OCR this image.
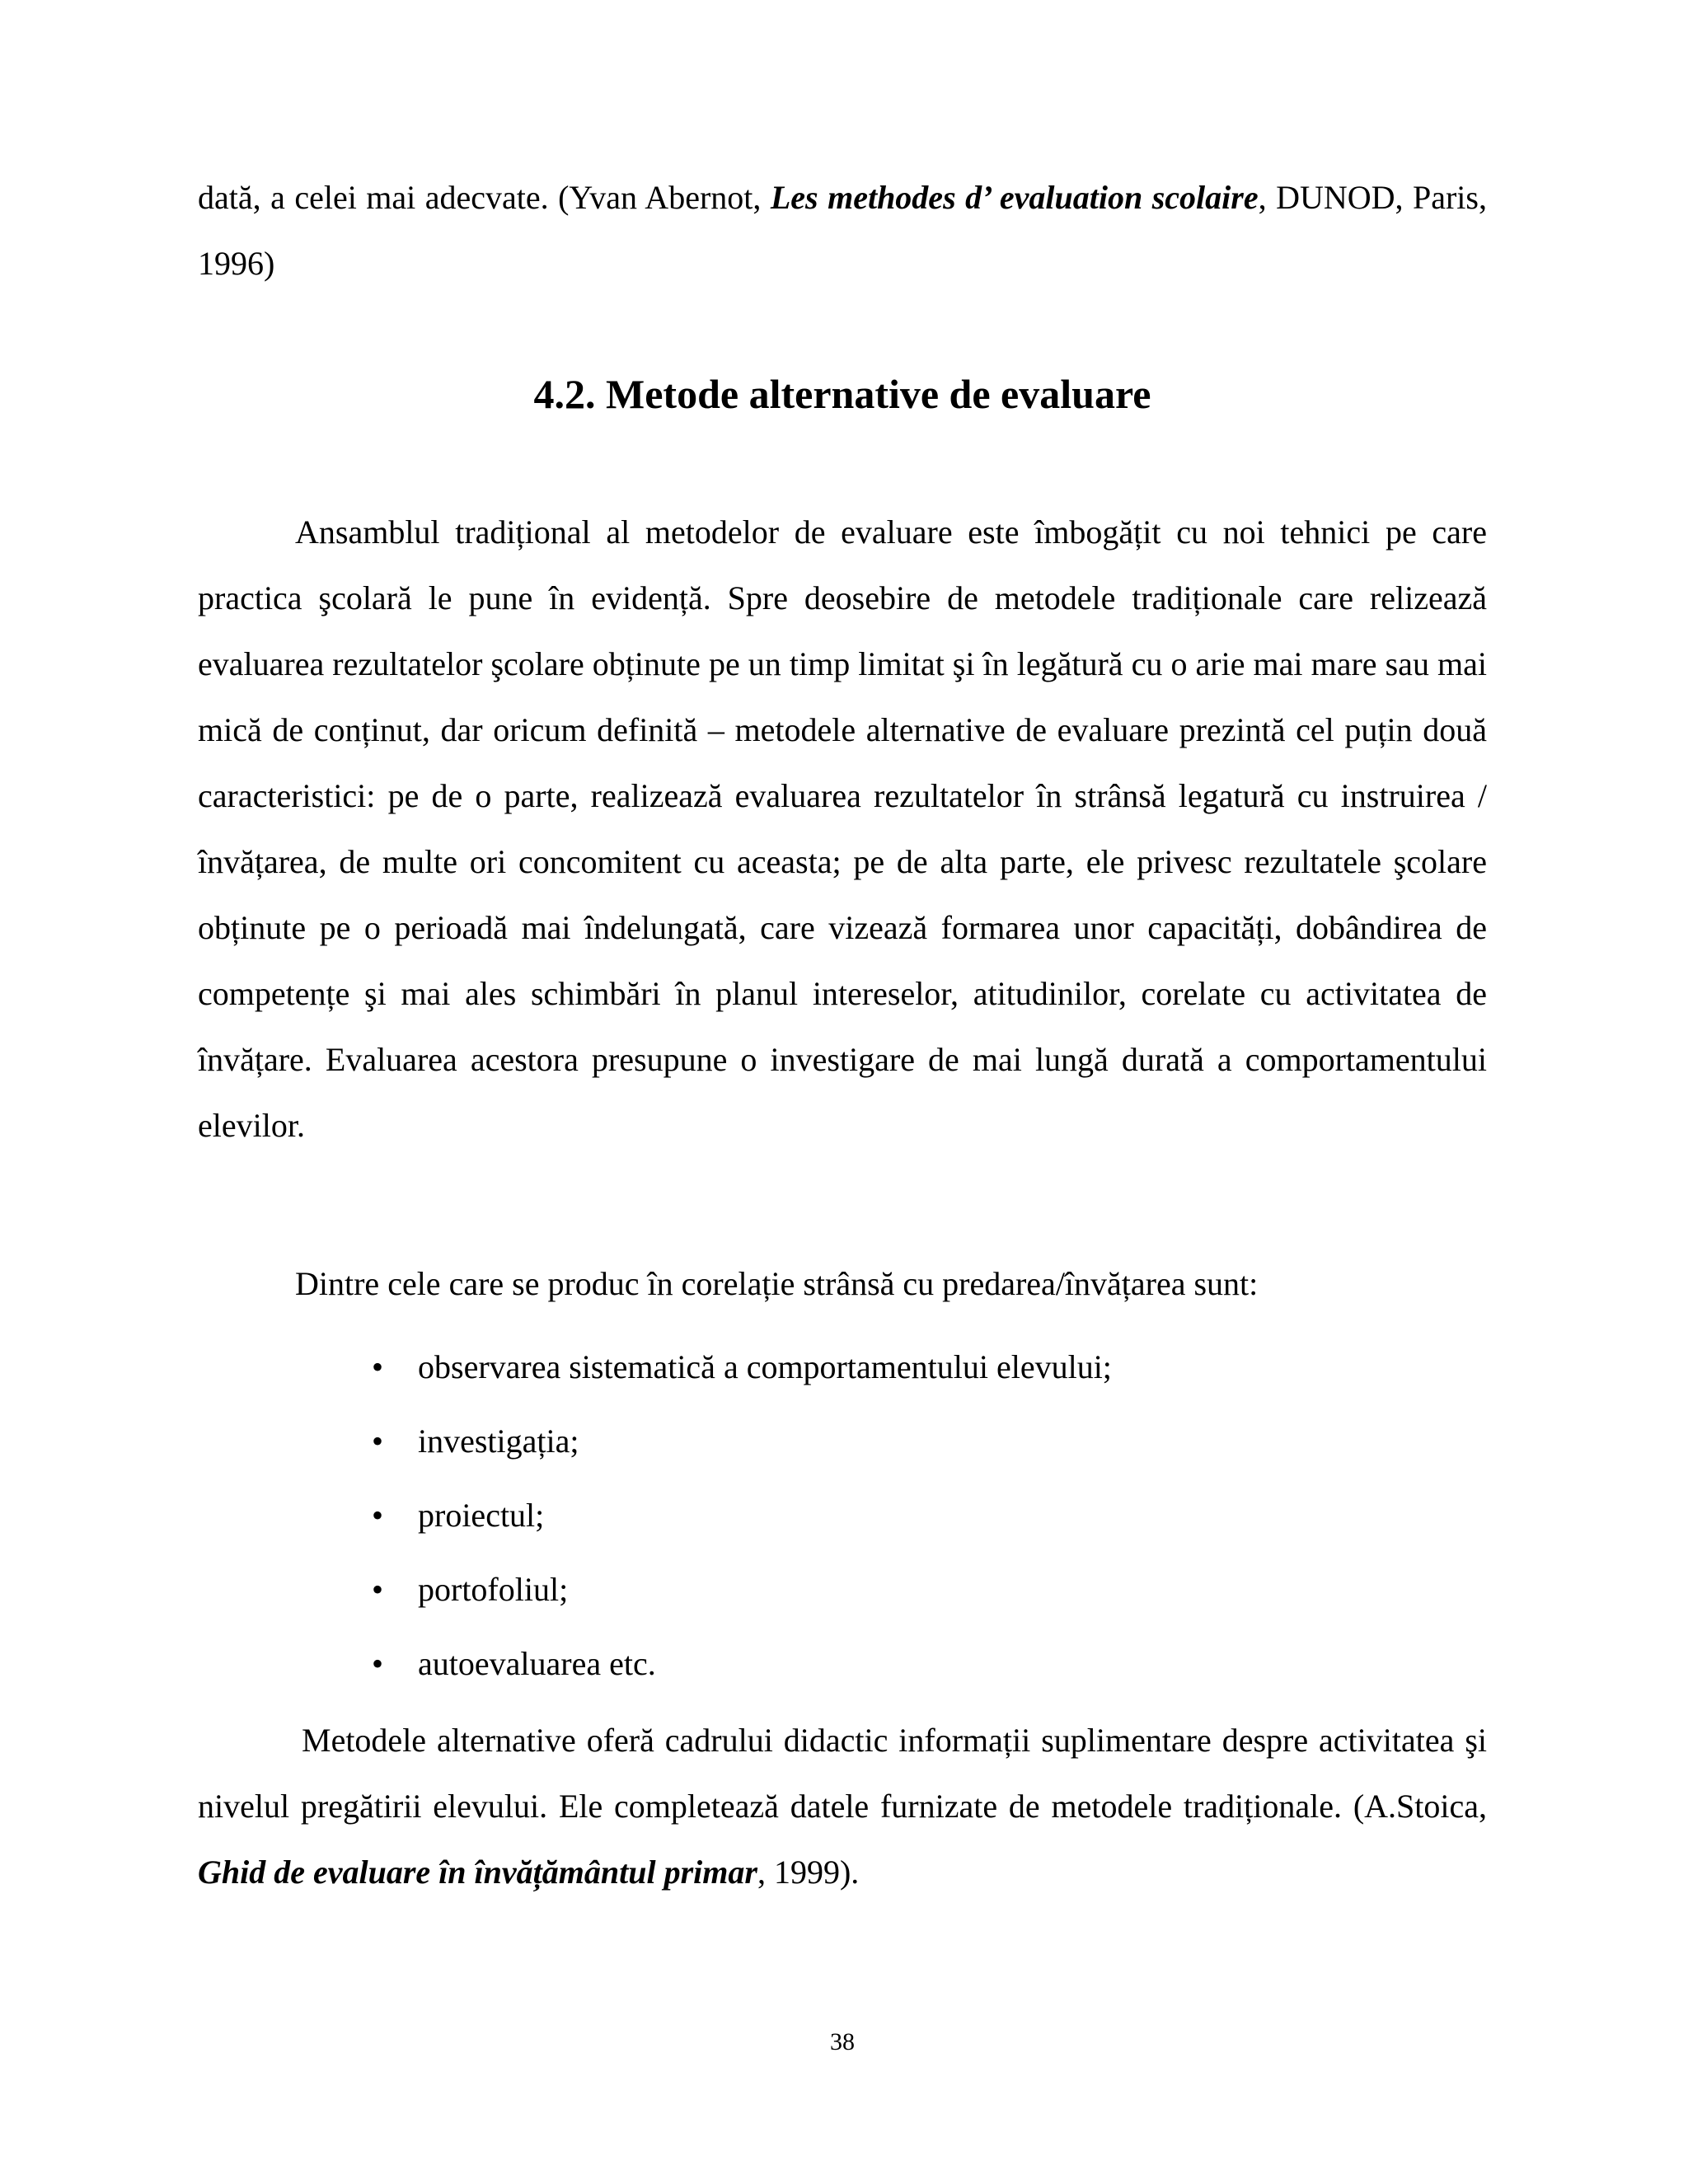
dată, a celei mai adecvate. (Yvan Abernot, Les methodes d’ evaluation scolaire, DUNOD, Paris, 1996)

4.2. Metode alternative de evaluare

Ansamblul tradițional al metodelor de evaluare este îmbogățit cu noi tehnici pe care practica şcolară le pune în evidență. Spre deosebire de metodele tradiționale care relizează evaluarea rezultatelor şcolare obținute pe un timp limitat şi în legătură cu o arie mai mare sau mai mică de conținut, dar oricum definită – metodele alternative de evaluare prezintă cel puțin două caracteristici: pe de o parte, realizează evaluarea rezultatelor în strânsă legatură cu instruirea / învățarea, de multe ori concomitent cu aceasta; pe de alta parte, ele privesc rezultatele şcolare obținute pe o perioadă mai îndelungată, care vizează formarea unor capacități, dobândirea de competențe şi mai ales schimbări în planul intereselor, atitudinilor, corelate cu activitatea de învățare. Evaluarea acestora presupune o investigare de mai lungă durată a comportamentului elevilor.

Dintre cele care se produc în corelație strânsă cu predarea/învățarea sunt:

• observarea sistematică a comportamentului elevului;
• investigația;
• proiectul;
• portofoliul;
• autoevaluarea etc.

Metodele alternative oferă cadrului didactic informații suplimentare despre activitatea şi nivelul pregătirii elevului. Ele completează datele furnizate de metodele tradiționale. (A.Stoica, Ghid de evaluare în învățământul primar, 1999).

38
